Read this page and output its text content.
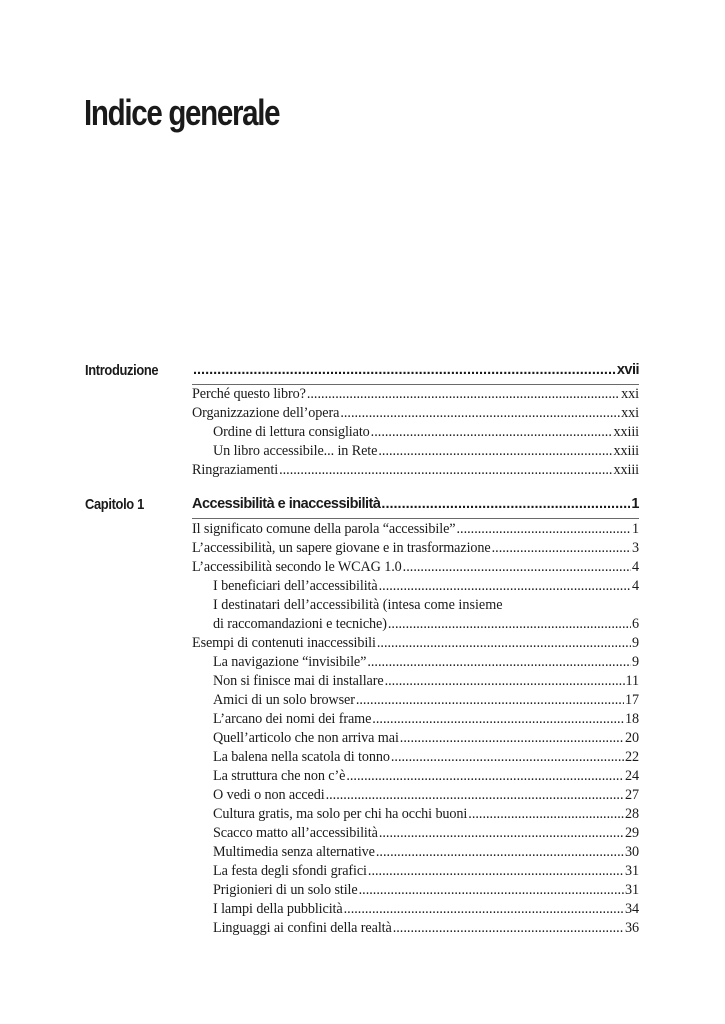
Indice generale
Introduzione .....	xvii
Perché questo libro? .....	xxi
Organizzazione dell’opera .....	xxi
Ordine di lettura consigliato .....	xxiii
Un libro accessibile... in Rete .....	xxiii
Ringraziamenti .....	xxiii
Capitolo 1	Accessibilità e inaccessibilità .....	1
Il significato comune della parola “accessibile” .....	1
L’accessibilità, un sapere giovane e in trasformazione .....	3
L’accessibilità secondo le WCAG 1.0 .....	4
I beneficiari dell’accessibilità .....	4
I destinatari dell’accessibilità (intesa come insieme
di raccomandazioni e tecniche) .....	6
Esempi di contenuti inaccessibili .....	9
La navigazione “invisibile” .....	9
Non si finisce mai di installare .....	11
Amici di un solo browser .....	17
L’arcano dei nomi dei frame .....	18
Quell’articolo che non arriva mai .....	20
La balena nella scatola di tonno .....	22
La struttura che non c’è .....	24
O vedi o non accedi .....	27
Cultura gratis, ma solo per chi ha occhi buoni .....	28
Scacco matto all’accessibilità .....	29
Multimedia senza alternative .....	30
La festa degli sfondi grafici .....	31
Prigionieri di un solo stile .....	31
I lampi della pubblicità .....	34
Linguaggi ai confini della realtà .....	36
